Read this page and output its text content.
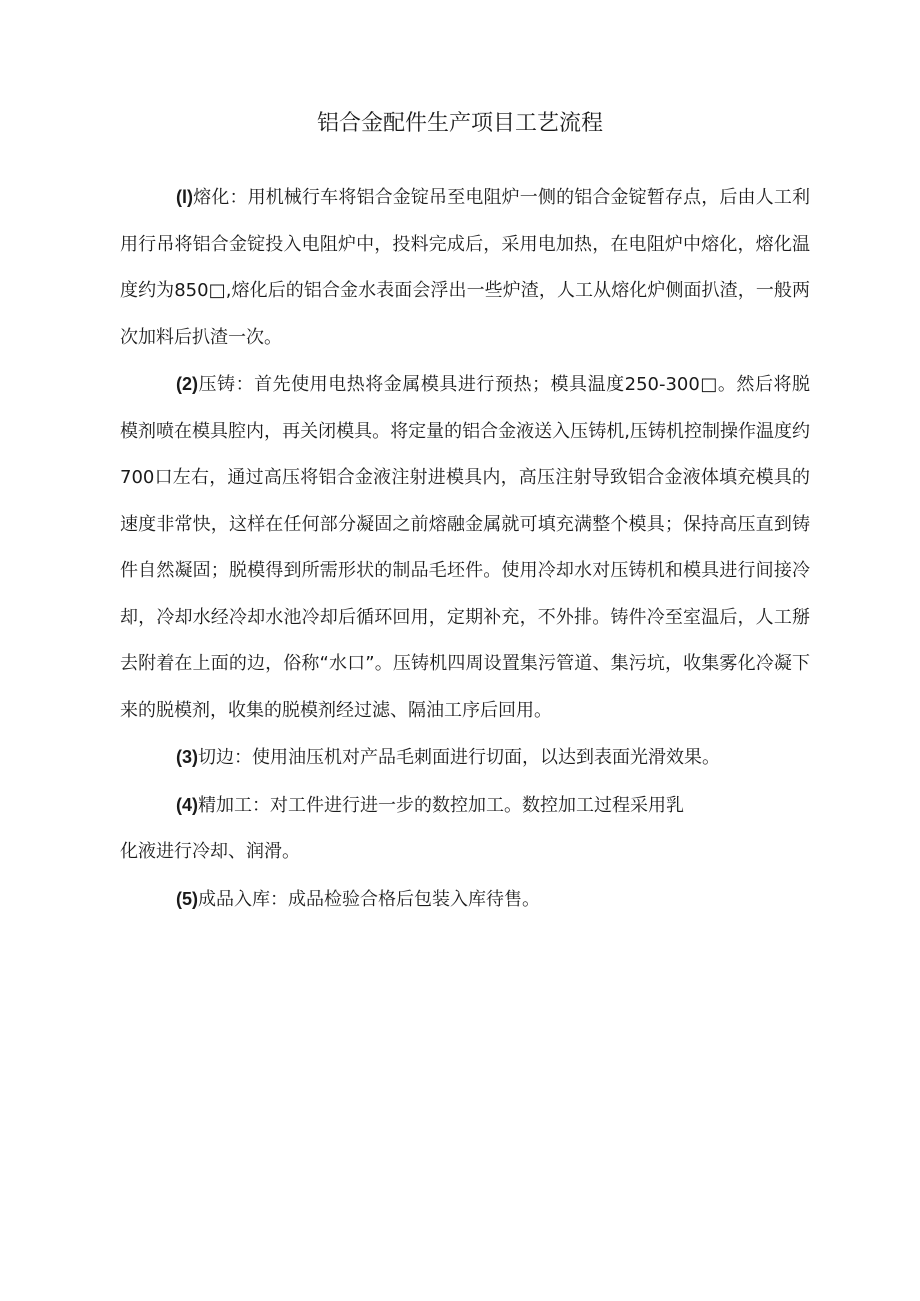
铝合金配件生产项目工艺流程

(l)熔化：用机械行车将铝合金锭吊至电阻炉一侧的铝合金锭暂存点，后由人工利用行吊将铝合金锭投入电阻炉中，投料完成后，采用电加热，在电阻炉中熔化，熔化温度约为850□,熔化后的铝合金水表面会浮出一些炉渣，人工从熔化炉侧面扒渣，一般两次加料后扒渣一次。

(2)压铸：首先使用电热将金属模具进行预热；模具温度250-300□。然后将脱模剂喷在模具腔内，再关闭模具。将定量的铝合金液送入压铸机,压铸机控制操作温度约700口左右，通过高压将铝合金液注射进模具内，高压注射导致铝合金液体填充模具的速度非常快，这样在任何部分凝固之前熔融金属就可填充满整个模具；保持高压直到铸件自然凝固；脱模得到所需形状的制品毛坯件。使用冷却水对压铸机和模具进行间接冷却，冷却水经冷却水池冷却后循环回用，定期补充，不外排。铸件冷至室温后，人工掰去附着在上面的边，俗称“水口”。压铸机四周设置集污管道、集污坑，收集雾化冷凝下来的脱模剂，收集的脱模剂经过滤、隔油工序后回用。

(3)切边：使用油压机对产品毛刺面进行切面，以达到表面光滑效果。

(4)精加工：对工件进行进一步的数控加工。数控加工过程采用乳

化液进行冷却、润滑。

(5)成品入库：成品检验合格后包装入库待售。
